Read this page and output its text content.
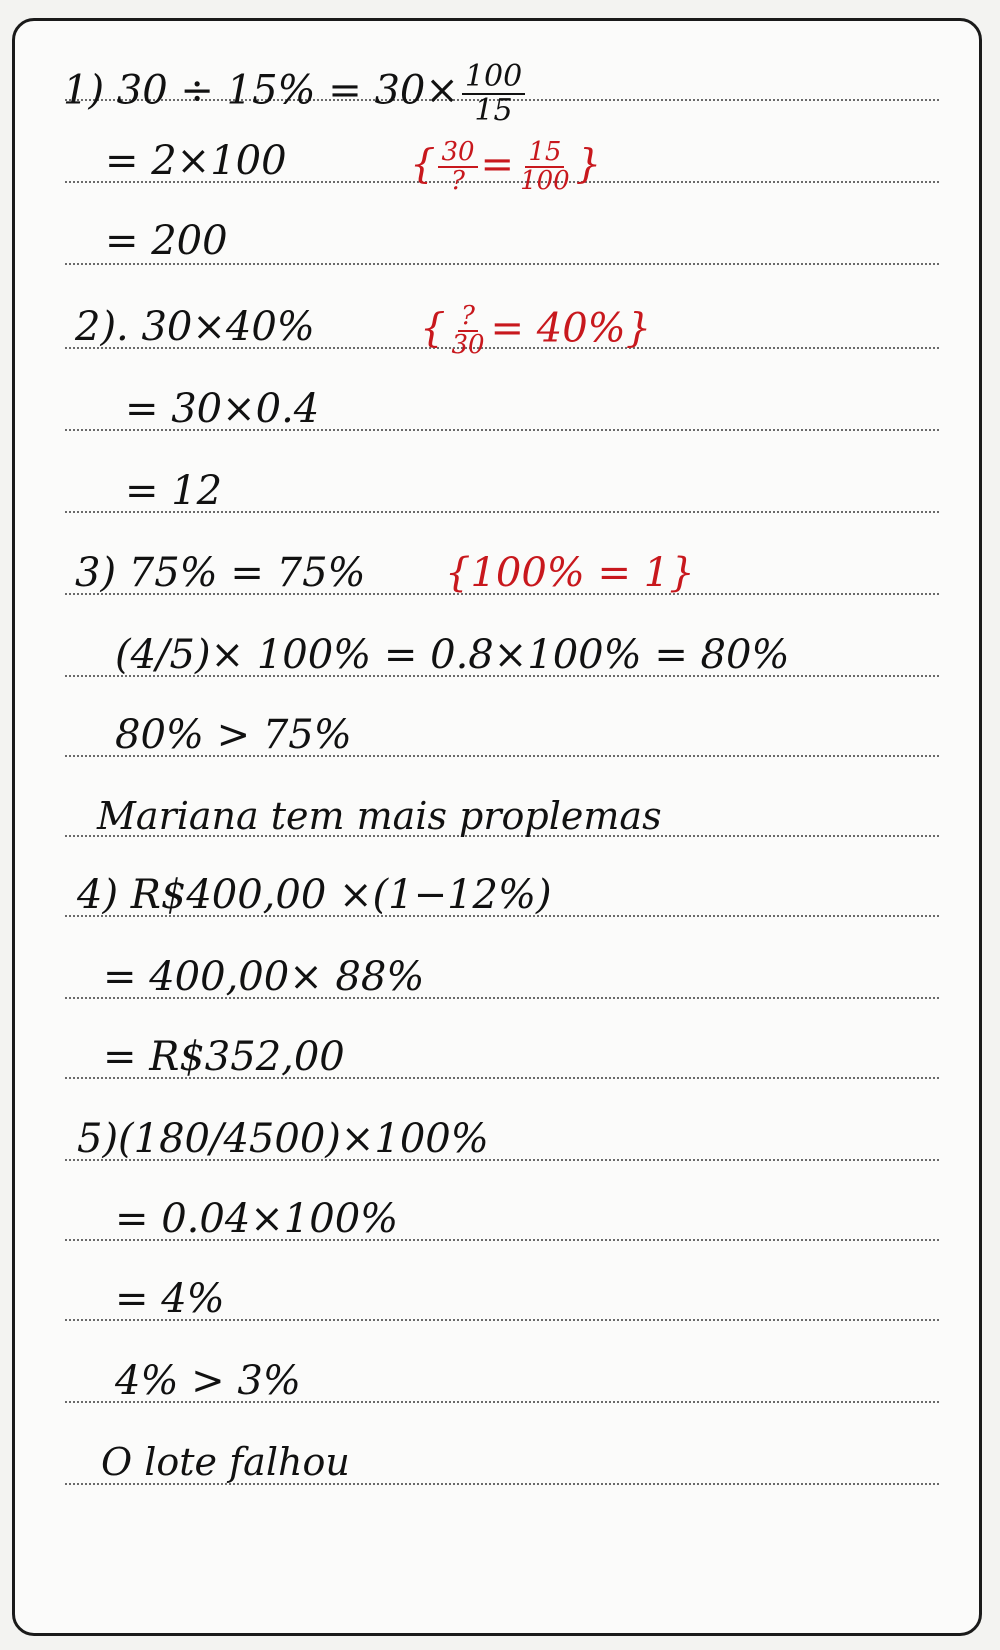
1) $30 \div 15\% = 30\times \frac{100}{15}$
= 2×100	{ $\frac{30}{?} = \frac{15}{100}$ }
= 200
2). 30×40%	{ $\frac{?}{30} = 40\%$}
= 30×0.4
= 12
3) 75% = 75% {100% = 1}
(4/5)× 100% = 0.8×100% = 80%
80% > 75%
Mariana tem mais proplemas
4) R$400,00 ×(1−12%)
= 400,00× 88%
= R$352,00
5)(180/4500)×100%
= 0.04×100%
= 4%
4% > 3%
O lote falhou
